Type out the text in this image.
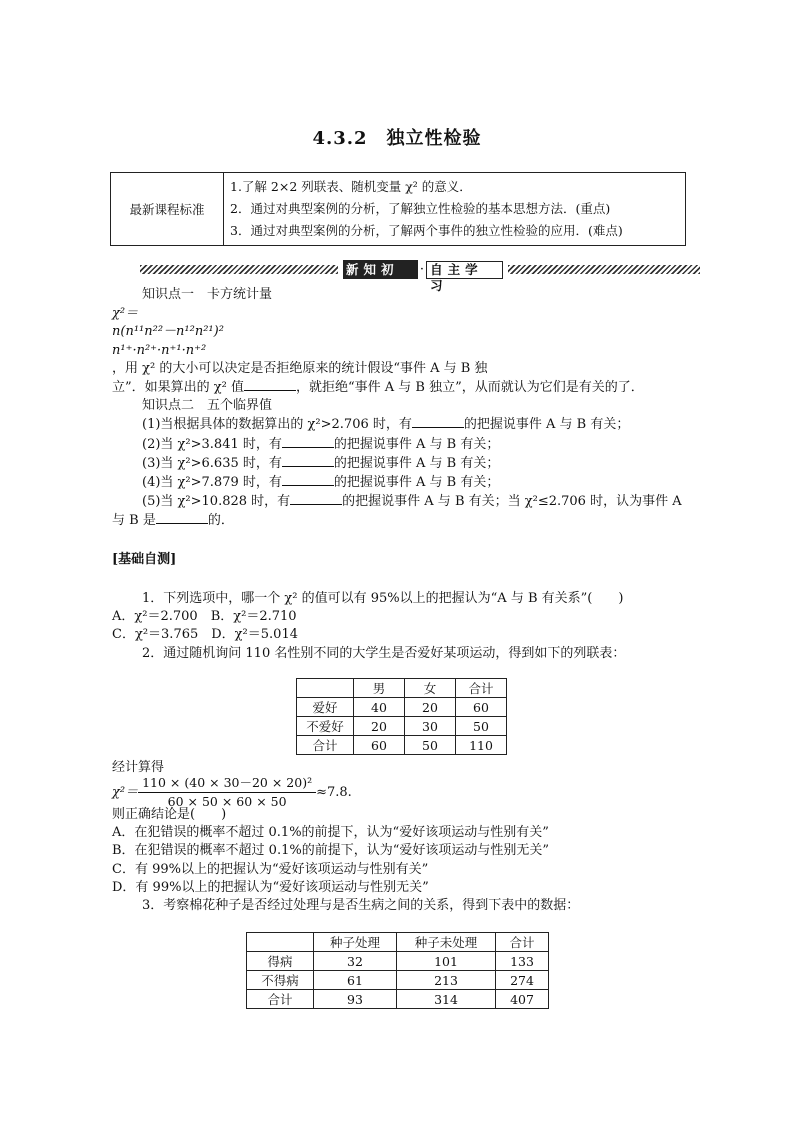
4.3.2　独立性检验
最新课程标准	
1.了解 2×2 列联表、随机变量 χ² 的意义．
2．通过对典型案例的分析，了解独立性检验的基本思想方法．(重点)
3．通过对典型案例的分析，了解两个事件的独立性检验的应用．(难点)
新知初探
· 自主学习

知识点一　卡方统计量

χ²＝

n(n¹¹n²²－n¹²n²¹)²
n¹⁺·n²⁺·n⁺¹·n⁺²
，用 χ² 的大小可以决定是否拒绝原来的统计假设“事件 A 与 B 独

立”．如果算出的 χ² 值	，就拒绝“事件 A 与 B 独立”，从而就认为它们是有关的了．

知识点二　五个临界值

(1)当根据具体的数据算出的 χ²>2.706 时，有	的把握说事件 A 与 B 有关；

(2)当 χ²>3.841 时，有	的把握说事件 A 与 B 有关；

(3)当 χ²>6.635 时，有	的把握说事件 A 与 B 有关；

(4)当 χ²>7.879 时，有	的把握说事件 A 与 B 有关；

(5)当 χ²>10.828 时，有	的把握说事件 A 与 B 有关；当 χ²≤2.706 时，认为事件 A

与 B 是	的．

[基础自测]

1．下列选项中，哪一个 χ² 的值可以有 95%以上的把握认为“A 与 B 有关系”(　　)

A．χ²＝2.700　B．χ²＝2.710

C．χ²＝3.765　D．χ²＝5.014

2．通过随机询问 110 名性别不同的大学生是否爱好某项运动，得到如下的列联表：

	男	女	合计
爱好	40	20	60
不爱好	20	30	50
合计	60	50	110
经计算得
$\chi^2= \frac{\text{110 × (40 × 30－20 × 20)²}}{60 \times 50 \times 60 \times 50} \approx 7.8$.

则正确结论是(　　)

A．在犯错误的概率不超过 0.1%的前提下，认为“爱好该项运动与性别有关”

B．在犯错误的概率不超过 0.1%的前提下，认为“爱好该项运动与性别无关”

C．有 99%以上的把握认为“爱好该项运动与性别有关”

D．有 99%以上的把握认为“爱好该项运动与性别无关”

3．考察棉花种子是否经过处理与是否生病之间的关系，得到下表中的数据：

	种子处理	种子未处理	合计
得病	32	101	133
不得病	61	213	274
合计	93	314	407
